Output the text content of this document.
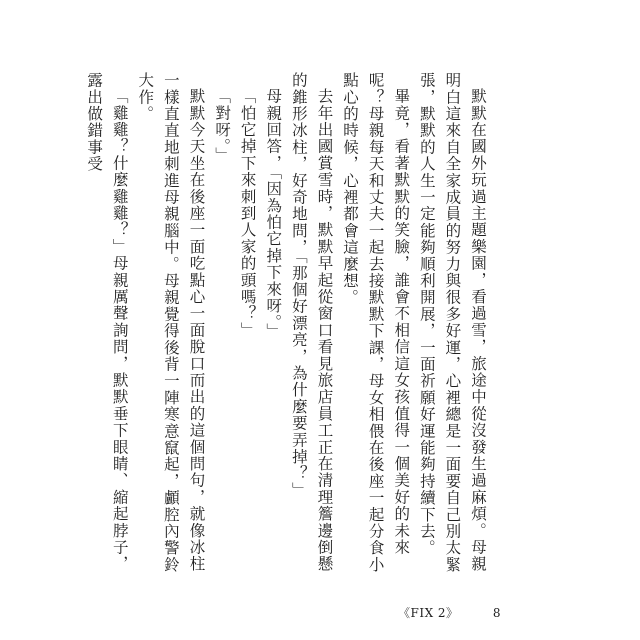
默默在國外玩過主題樂園，看過雪，旅途中從沒發生過麻煩。母親明白這來自全家成員的努力與很多好運，心裡總是一面要自己別太緊張，默默的人生一定能夠順利開展，一面祈願好運能夠持續下去。

畢竟，看著默默的笑臉，誰會不相信這女孩值得一個美好的未來呢？母親每天和丈夫一起去接默默下課，母女相偎在後座一起分食小點心的時候，心裡都會這麼想。

去年出國賞雪時，默默早起從窗口看見旅店員工正在清理簷邊倒懸的錐形冰柱，好奇地問，「那個好漂亮，為什麼要弄掉？」

母親回答，「因為怕它掉下來呀。」

「怕它掉下來刺到人家的頭嗎？」

「對呀。」

默默今天坐在後座一面吃點心一面脫口而出的這個問句，就像冰柱一樣直直地刺進母親腦中。母親覺得後背一陣寒意竄起，顱腔內警鈴大作。

「雞雞？什麼雞雞？」母親厲聲詢問，默默垂下眼睛、縮起脖子，露出做錯事受

《FIX 2》	8
